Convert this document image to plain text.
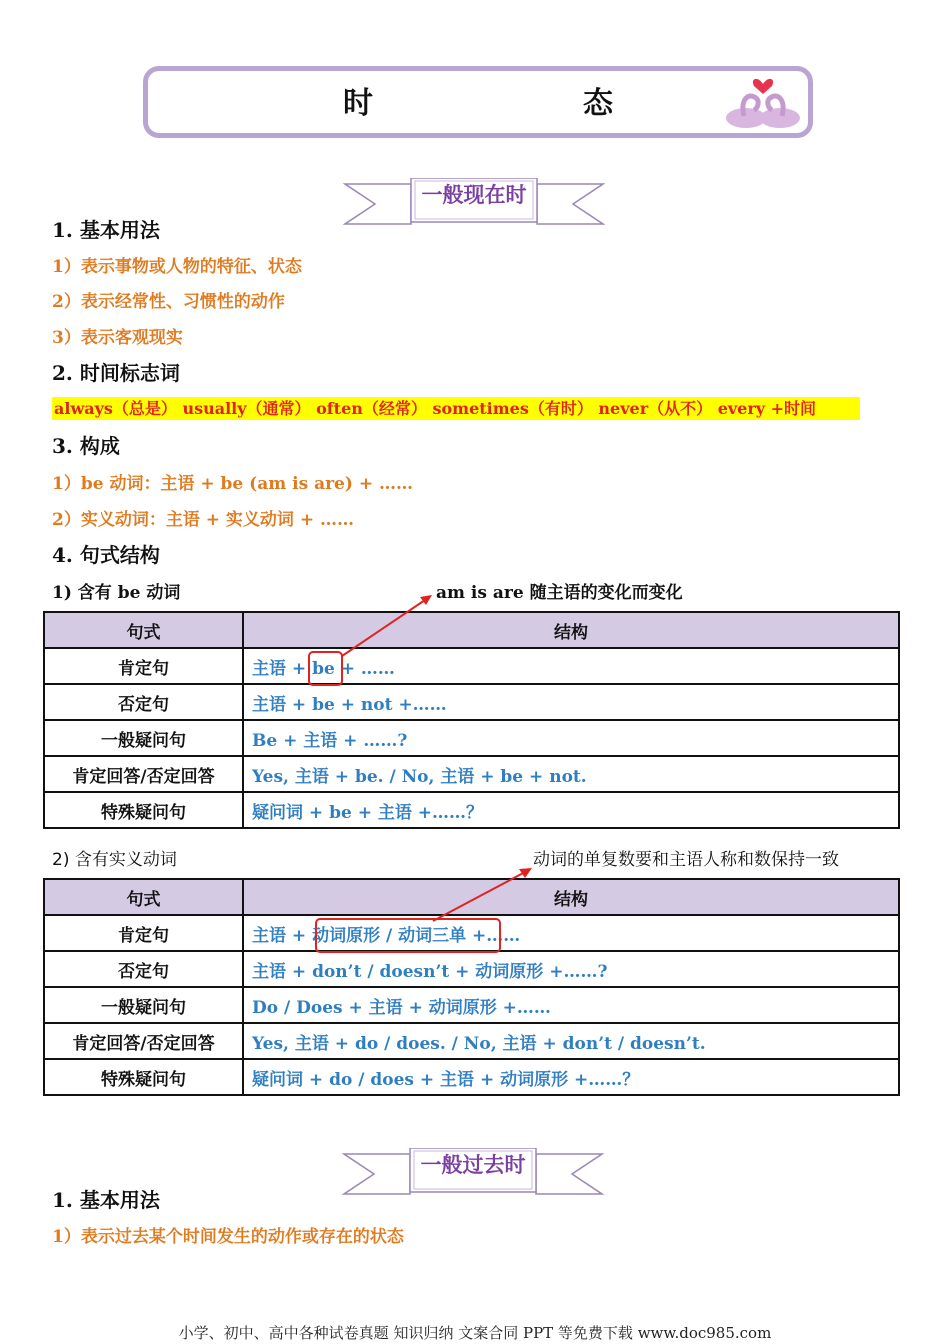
时　　态
一般现在时
1. 基本用法
1）表示事物或人物的特征、状态
2）表示经常性、习惯性的动作
3）表示客观现实
2. 时间标志词
always（总是） usually（通常） often（经常） sometimes（有时） never（从不） every +时间
3. 构成
1）be 动词：主语 + be (am is are) + ……
2）实义动词：主语 + 实义动词 + ……
4. 句式结构
1) 含有 be 动词	am is are 随主语的变化而变化
句式	结构
肯定句	主语 + be + ……
否定句	主语 + be + not +……
一般疑问句	Be + 主语 + ……?
肯定回答/否定回答	Yes, 主语 + be. / No, 主语 + be + not.
特殊疑问句	疑问词 + be + 主语 +……？
2) 含有实义动词	动词的单复数要和主语人称和数保持一致
句式	结构
肯定句	主语 + 动词原形 / 动词三单 +……
否定句	主语 + don’t / doesn’t + 动词原形 +……?
一般疑问句	Do / Does + 主语 + 动词原形 +……
肯定回答/否定回答	Yes, 主语 + do / does. / No, 主语 + don’t / doesn’t.
特殊疑问句	疑问词 + do / does + 主语 + 动词原形 +……？
一般过去时
1. 基本用法
1）表示过去某个时间发生的动作或存在的状态
小学、初中、高中各种试卷真题 知识归纳 文案合同 PPT 等免费下载 www.doc985.com
